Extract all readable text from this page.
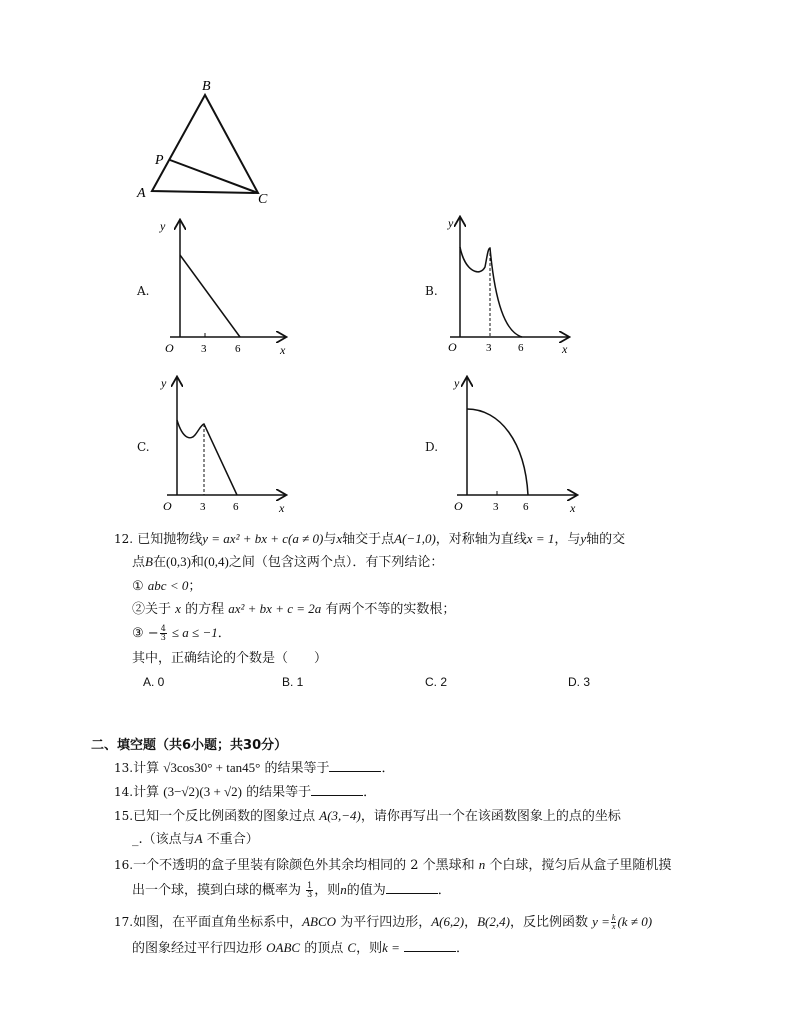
B
P
A	C
A.
y
O 3	6	x
B.
y
O	3 6	x
C.
y
O	3	6	x
D.
y
O	3 6	x
12. 已知抛物线y = ax² + bx + c(a ≠ 0)与x轴交于点A(−1,0)，对称轴为直线x = 1，与y轴的交
点B在(0,3)和(0,4)之间（包含这两个点）．有下列结论：
① abc < 0；
②关于 x 的方程 ax² + bx + c = 2a 有两个不等的实数根；
③ − $\frac{4}{3} \le a \le -1$．
其中，正确结论的个数是（　　）
A. 0	B. 1	C. 2	D. 3
二、填空题（共6小题；共30分）
13.计算 √3cos30° + tan45° 的结果等于	．
14.计算 (3−√2)(3 + √2) 的结果等于	．
15.已知一个反比例函数的图象过点 A(3,−4)，请你再写出一个在该函数图象上的点的坐标
_.（该点与A 不重合）
16.一个不透明的盒子里装有除颜色外其余均相同的 2 个黑球和 n 个白球，搅匀后从盒子里随机摸
出一个球，摸到白球的概率为 $\frac{1}{3}$ ，则n的值为	．
17.如图，在平面直角坐标系中，ABCO 为平行四边形，A(6,2)，B(2,4)，反比例函数 $y = \frac{k}{x} (k \ne 0)$
的图象经过平行四边形 OABC 的顶点 C，则k =	．
